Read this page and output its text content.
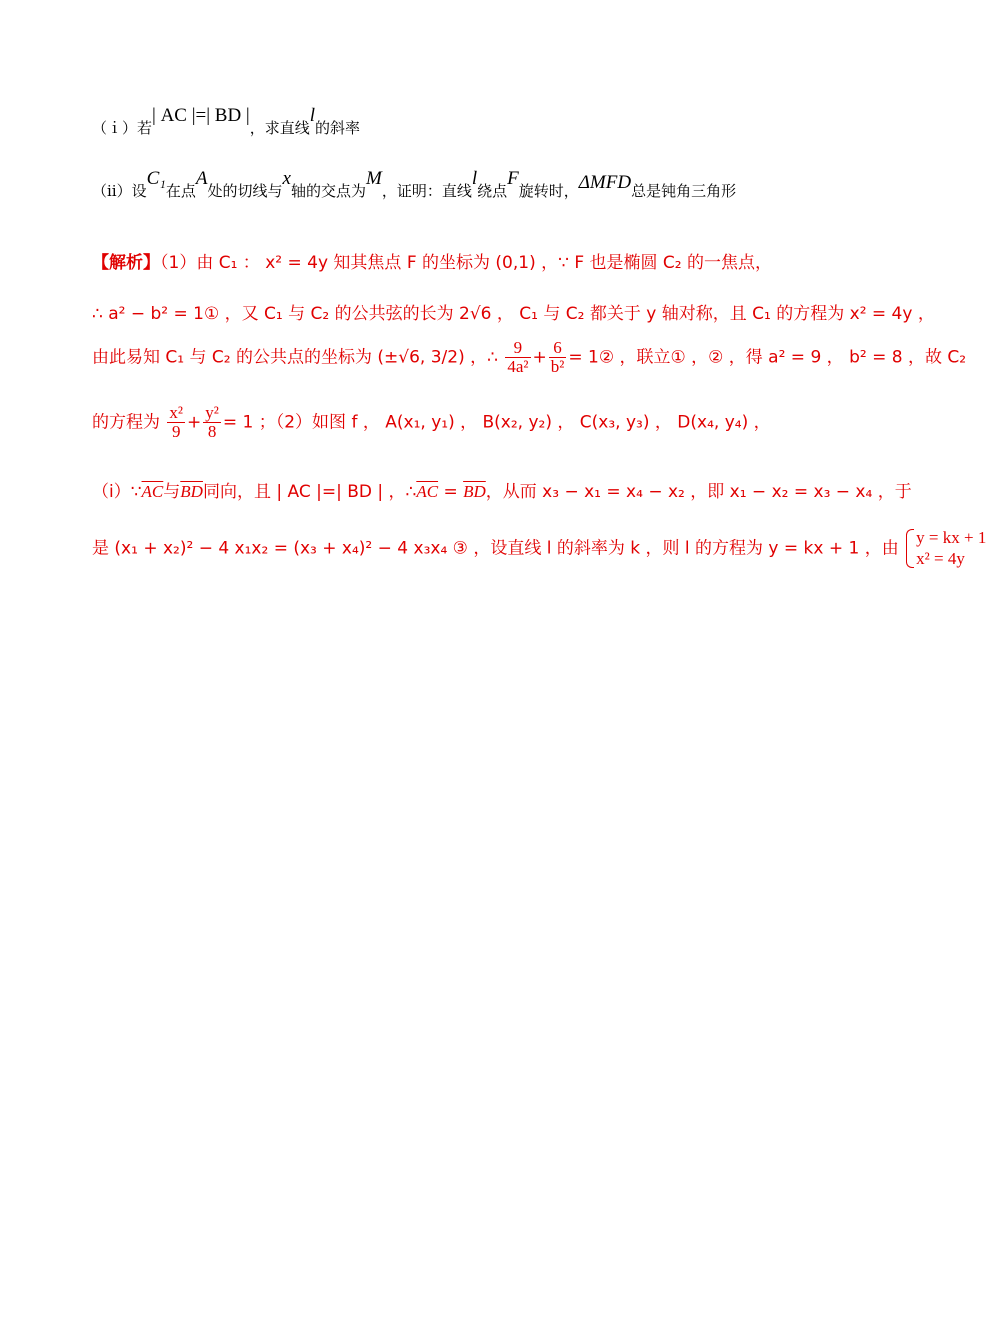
（ｉ）若| AC |=| BD |，求直线l的斜率
（ⅱ）设C₁在点A处的切线与x轴的交点为M，证明：直线l绕点F旋转时，ΔMFD总是钝角三角形
【解析】（1）由 C₁ ： x² = 4y 知其焦点 F 的坐标为 (0,1) ，∵ F 也是椭圆 C₂ 的一焦点，
∴ a² − b² = 1① ，又 C₁ 与 C₂ 的公共弦的长为 2√6 ， C₁ 与 C₂ 都关于 y 轴对称，且 C₁ 的方程为 x² = 4y ，
由此易知 C₁ 与 C₂ 的公共点的坐标为 (±√6, 3/2) ，∴ $\frac{9}{\text{4a²}} + \frac{6}{\text{b²}}$ = 1② ，联立① ，② ，得 a² = 9 ， b² = 8 ，故 C₂
的方程为 $\frac{\text{x²}}{9} + \frac{\text{y²}}{8} = 1$ ；（2）如图 f ， A(x₁, y₁) ， B(x₂, y₂) ， C(x₃, y₃) ， D(x₄, y₄) ，
$(i)\because\overline{AC}$与$\overline{BD}$同向，且 | AC |=| BD | ，$\therefore\overline{AC} = \overline{BD}$，从而 x₃ − x₁ = x₄ − x₂ ，即 x₁ − x₂ = x₃ − x₄ ，于
是 (x₁ + x₂)² − 4 x₁x₂ = (x₃ + x₄)² − 4 x₃x₄ ③ ，设直线 l 的斜率为 k ，则 l 的方程为 y = kx + 1 ，由
y = kx + 1
x² = 4y
